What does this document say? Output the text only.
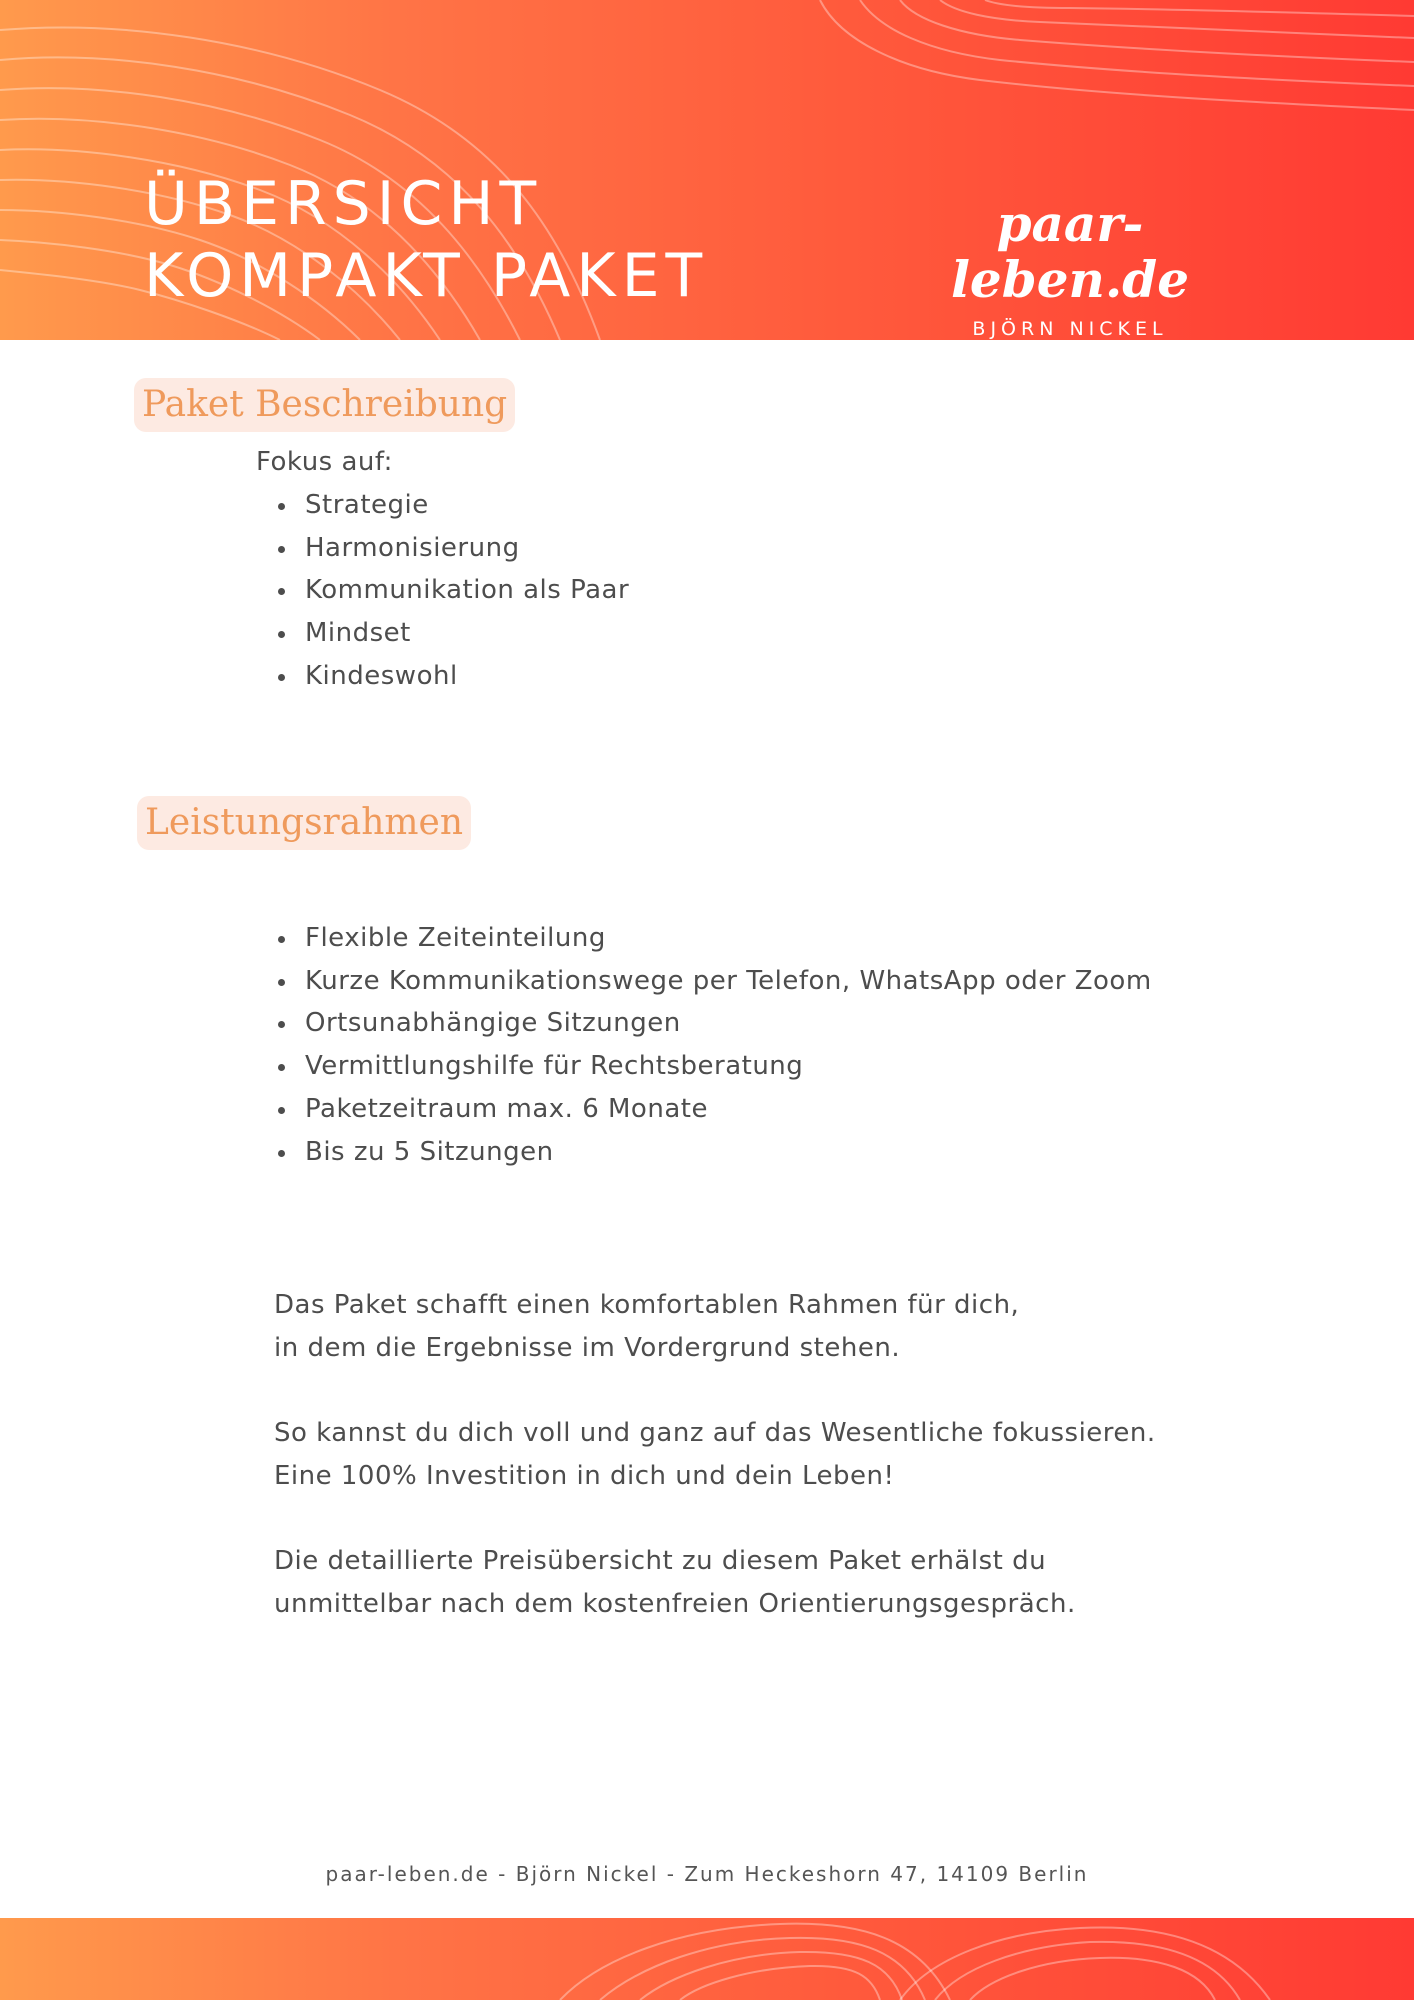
ÜBERSICHT
KOMPAKT PAKET
paar-leben.de
BJÖRN NICKEL
Paket Beschreibung

Fokus auf:

Strategie
Harmonisierung
Kommunikation als Paar
Mindset
Kindeswohl
Leistungsrahmen
Flexible Zeiteinteilung
Kurze Kommunikationswege per Telefon, WhatsApp oder Zoom
Ortsunabhängige Sitzungen
Vermittlungshilfe für Rechtsberatung
Paketzeitraum max. 6 Monate
Bis zu 5 Sitzungen

Das Paket schafft einen komfortablen Rahmen für dich,
in dem die Ergebnisse im Vordergrund stehen.

So kannst du dich voll und ganz auf das Wesentliche fokussieren.
Eine 100% Investition in dich und dein Leben!

Die detaillierte Preisübersicht zu diesem Paket erhälst du
unmittelbar nach dem kostenfreien Orientierungsgespräch.

paar-leben.de - Björn Nickel - Zum Heckeshorn 47, 14109 Berlin
